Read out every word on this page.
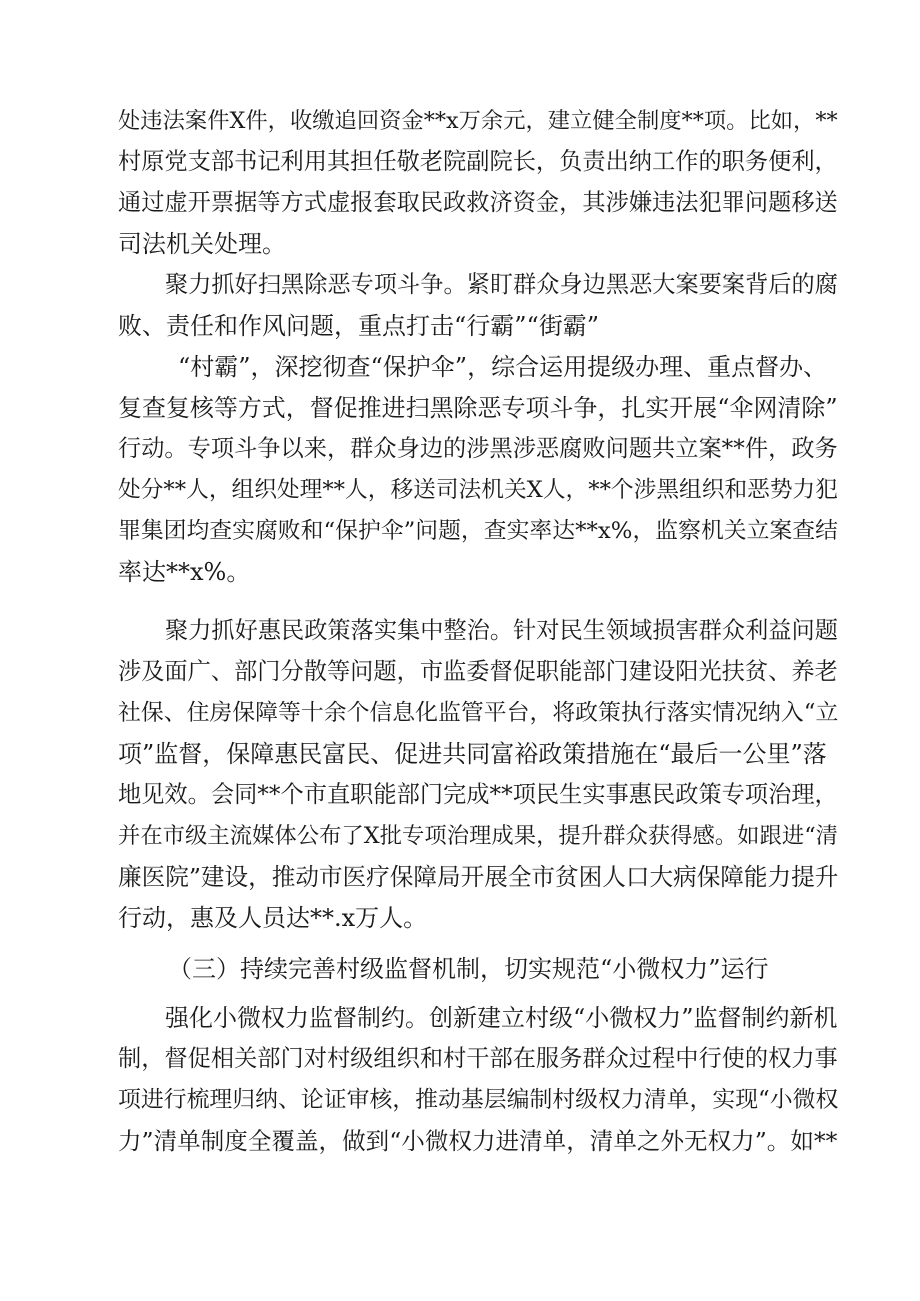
处违法案件X件，收缴追回资金**x万余元，建立健全制度**项。比如，**
村原党支部书记利用其担任敬老院副院长，负责出纳工作的职务便利，
通过虚开票据等方式虚报套取民政救济资金，其涉嫌违法犯罪问题移送
司法机关处理。
聚力抓好扫黑除恶专项斗争。紧盯群众身边黑恶大案要案背后的腐
败、责任和作风问题，重点打击“行霸”“街霸”
“村霸”，深挖彻查“保护伞”，综合运用提级办理、重点督办、
复查复核等方式，督促推进扫黑除恶专项斗争，扎实开展“伞网清除”
行动。专项斗争以来，群众身边的涉黑涉恶腐败问题共立案**件，政务
处分**人，组织处理**人，移送司法机关X人，**个涉黑组织和恶势力犯
罪集团均查实腐败和“保护伞”问题，查实率达**x%，监察机关立案查结
率达**x%。
聚力抓好惠民政策落实集中整治。针对民生领域损害群众利益问题
涉及面广、部门分散等问题，市监委督促职能部门建设阳光扶贫、养老
社保、住房保障等十余个信息化监管平台，将政策执行落实情况纳入“立
项”监督，保障惠民富民、促进共同富裕政策措施在“最后一公里”落
地见效。会同**个市直职能部门完成**项民生实事惠民政策专项治理，
并在市级主流媒体公布了X批专项治理成果，提升群众获得感。如跟进“清
廉医院”建设，推动市医疗保障局开展全市贫困人口大病保障能力提升
行动，惠及人员达**.x万人。
（三）持续完善村级监督机制，切实规范“小微权力”运行
强化小微权力监督制约。创新建立村级“小微权力”监督制约新机
制，督促相关部门对村级组织和村干部在服务群众过程中行使的权力事
项进行梳理归纳、论证审核，推动基层编制村级权力清单，实现“小微权
力”清单制度全覆盖，做到“小微权力进清单，清单之外无权力”。如**
